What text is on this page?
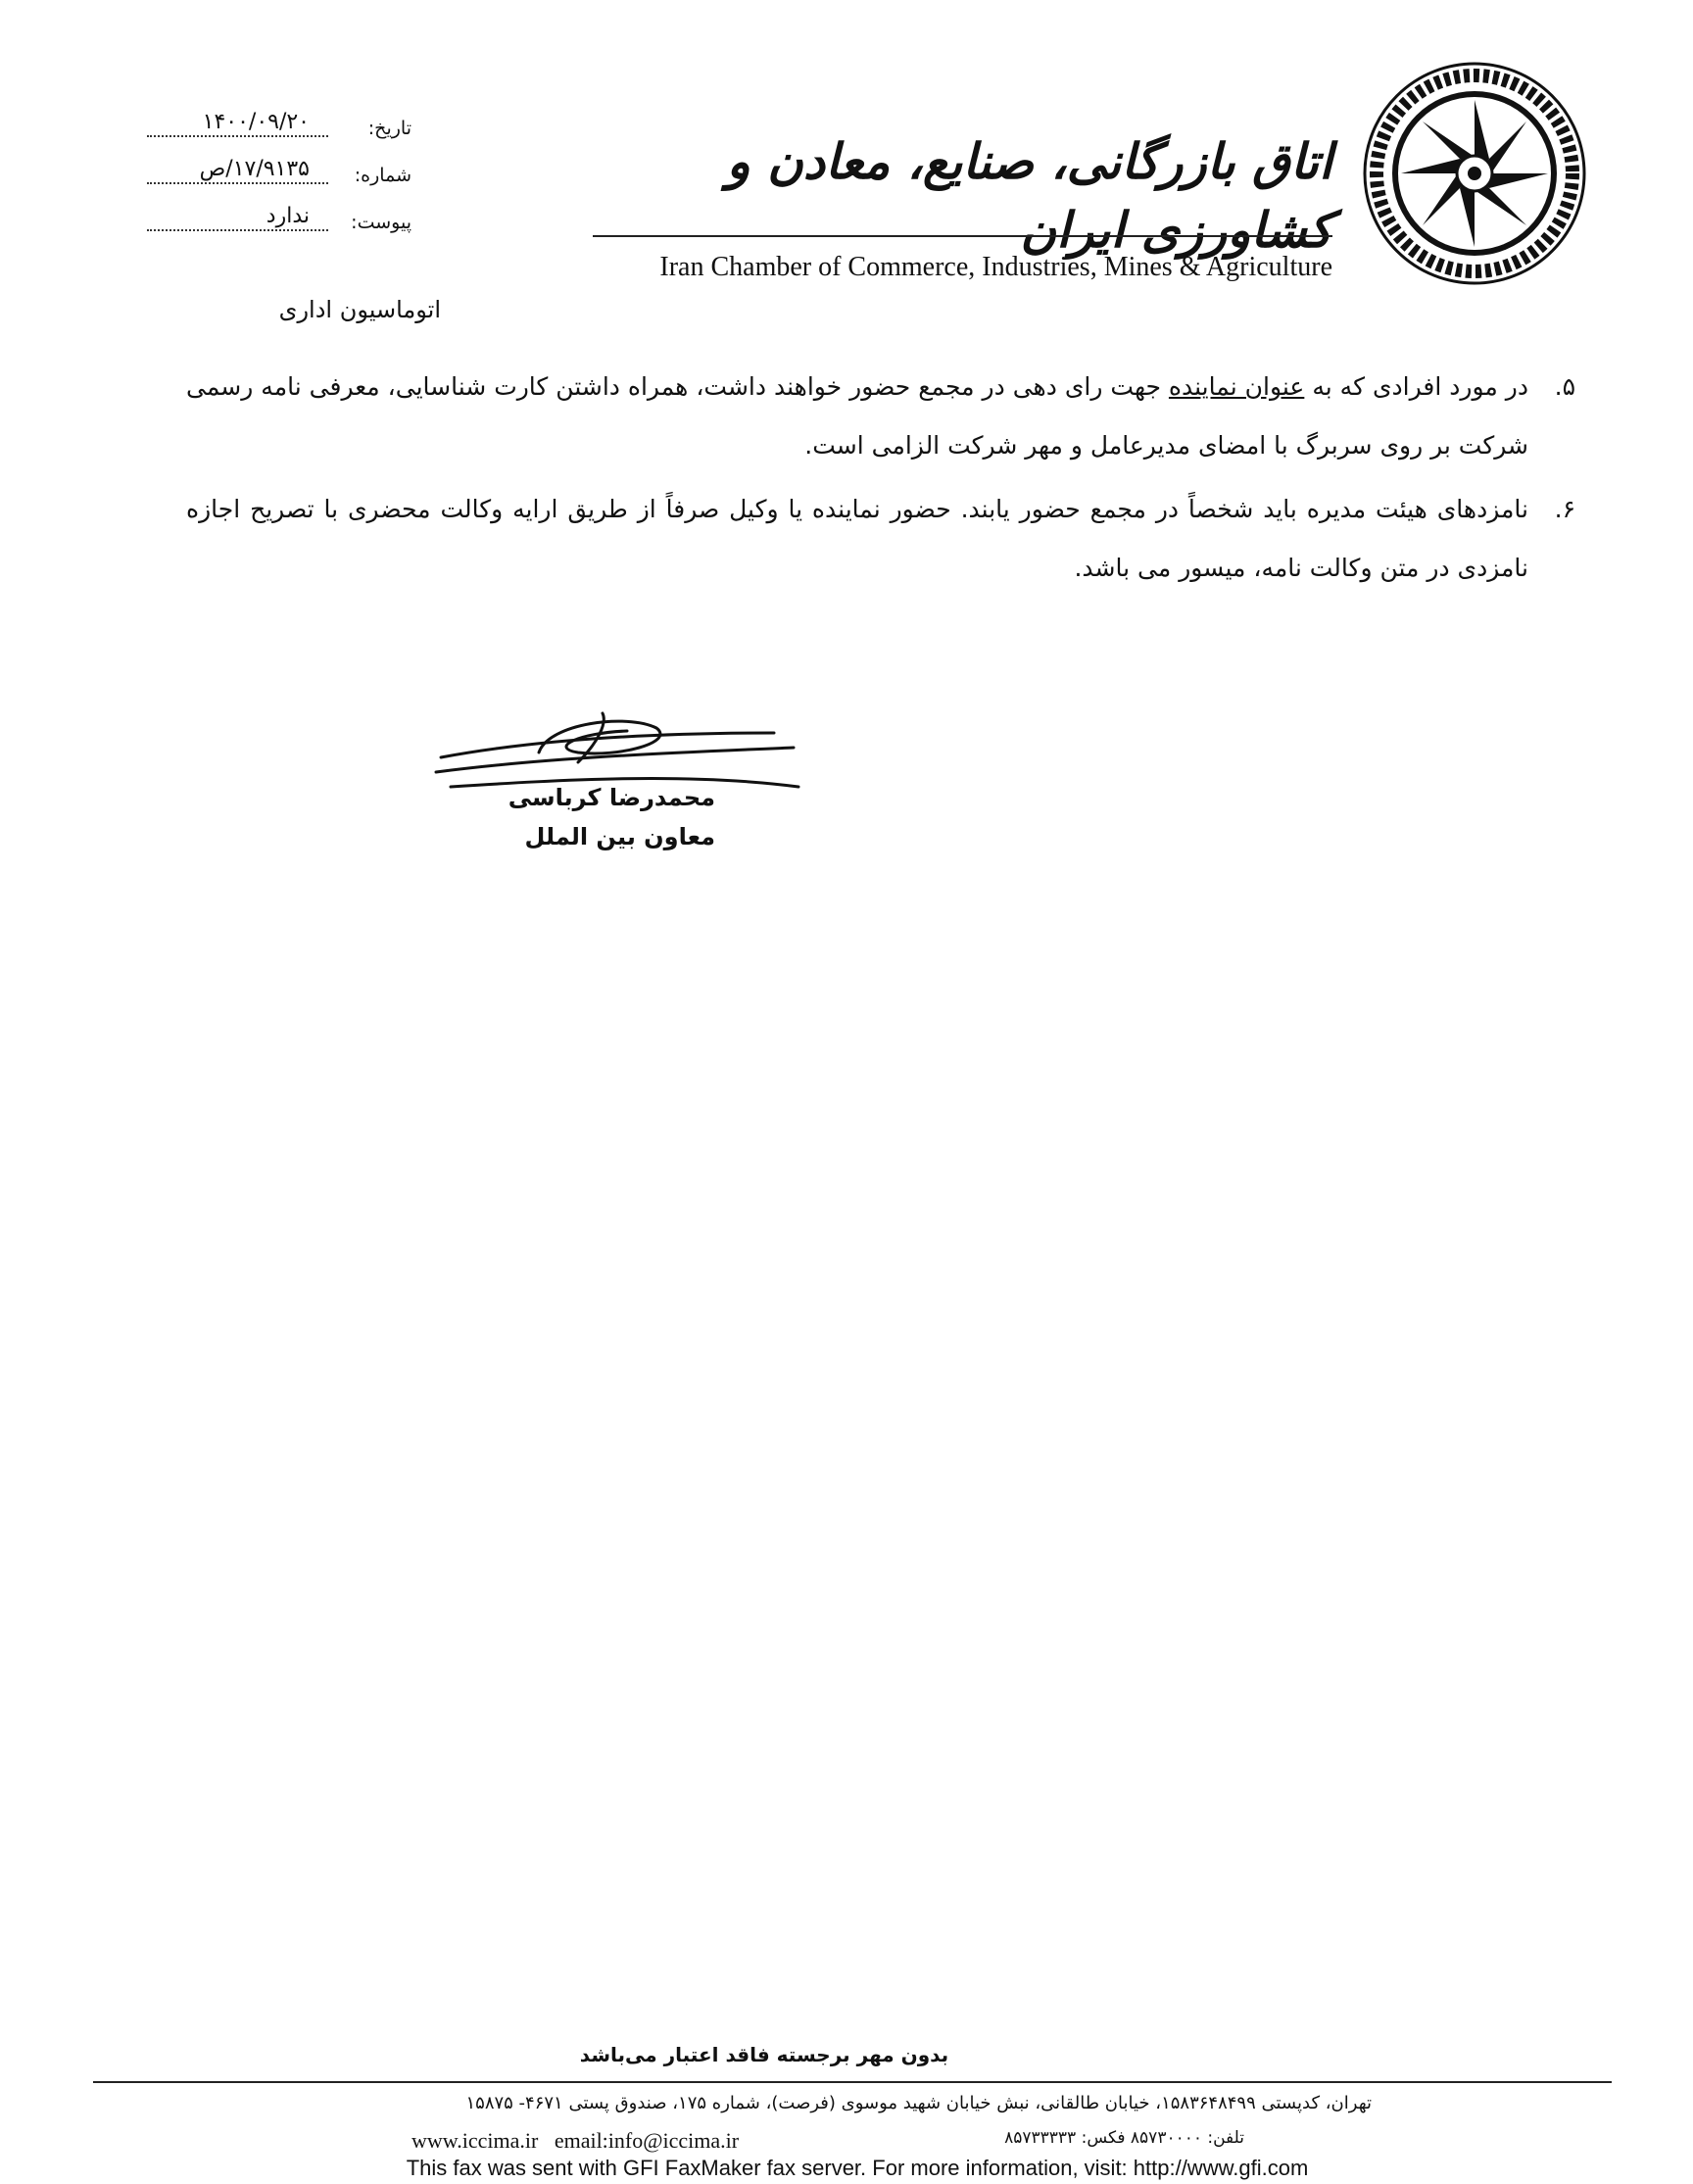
اتاق بازرگانی، صنایع، معادن و کشاورزی ایران
Iran Chamber of Commerce, Industries, Mines & Agriculture
تاریخ:
۱۴۰۰/۰۹/۲۰
شماره:
۱۷/۹۱۳۵/ص
پیوست:
ندارد
اتوماسیون اداری
۵.
در مورد افرادی که به عنوان نماینده جهت رای دهی در مجمع حضور خواهند داشت، همراه داشتن کارت شناسایی، معرفی نامه رسمی شرکت بر روی سربرگ با امضای مدیرعامل و مهر شرکت الزامی است.
۶.
نامزدهای هیئت مدیره باید شخصاً در مجمع حضور یابند. حضور نماینده یا وکیل صرفاً از طریق ارایه وکالت محضری با تصریح اجازه نامزدی در متن وکالت نامه، میسور می باشد.
محمدرضا کرباسی
معاون بین الملل
بدون مهر برجسته فاقد اعتبار می‌باشد
تهران، کدپستی ۱۵۸۳۶۴۸۴۹۹، خیابان طالقانی، نبش خیابان شهید موسوی (فرصت)، شماره ۱۷۵، صندوق پستی ۴۶۷۱- ۱۵۸۷۵
www.iccima.ir email:info@iccima.ir	تلفن: ۸۵۷۳۰۰۰۰ فکس: ۸۵۷۳۳۳۳۳
This fax was sent with GFI FaxMaker fax server. For more information, visit: http://www.gfi.com
